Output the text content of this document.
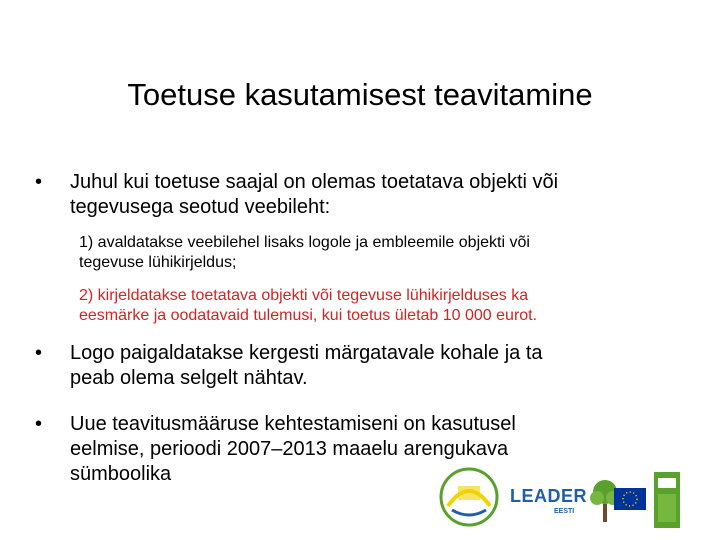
Toetuse kasutamisest teavitamine
• Juhul kui toetuse saajal on olemas toetatava objekti või
tegevusega seotud veebileht:
1) avaldatakse veebilehel lisaks logole ja embleemile objekti või
tegevuse lühikirjeldus;
2) kirjeldatakse toetatava objekti või tegevuse lühikirjelduses ka
eesmärke ja oodatavaid tulemusi, kui toetus ületab 10 000 eurot.
• Logo paigaldatakse kergesti märgatavale kohale ja ta
peab olema selgelt nähtav.
• Uue teavitusmääruse kehtestamiseni on kasutusel
eelmise, perioodi 2007–2013 maaelu arengukava
sümboolika
LEADER
EESTI
